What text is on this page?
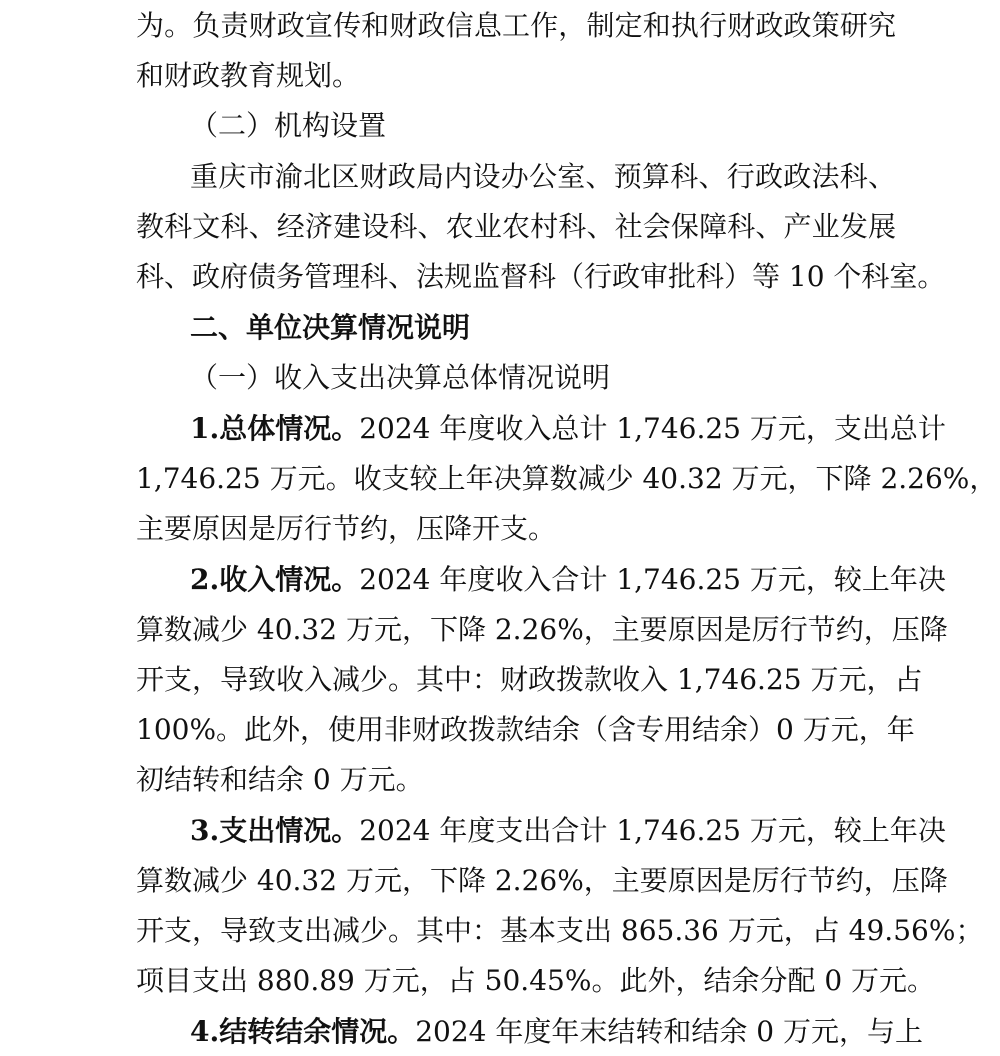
为。负责财政宣传和财政信息工作，制定和执行财政政策研究
和财政教育规划。
（二）机构设置
重庆市渝北区财政局内设办公室、预算科、行政政法科、
教科文科、经济建设科、农业农村科、社会保障科、产业发展
科、政府债务管理科、法规监督科（行政审批科）等 10 个科室。
二、单位决算情况说明
（一）收入支出决算总体情况说明
1.总体情况。2024 年度收入总计 1,746.25 万元，支出总计
1,746.25 万元。收支较上年决算数减少 40.32 万元，下降 2.26%，
主要原因是厉行节约，压降开支。
2.收入情况。2024 年度收入合计 1,746.25 万元，较上年决
算数减少 40.32 万元，下降 2.26%，主要原因是厉行节约，压降
开支，导致收入减少。其中：财政拨款收入 1,746.25 万元，占
100%。此外，使用非财政拨款结余（含专用结余）0 万元，年
初结转和结余 0 万元。
3.支出情况。2024 年度支出合计 1,746.25 万元，较上年决
算数减少 40.32 万元，下降 2.26%，主要原因是厉行节约，压降
开支，导致支出减少。其中：基本支出 865.36 万元，占 49.56%；
项目支出 880.89 万元，占 50.45%。此外，结余分配 0 万元。
4.结转结余情况。2024 年度年末结转和结余 0 万元，与上
